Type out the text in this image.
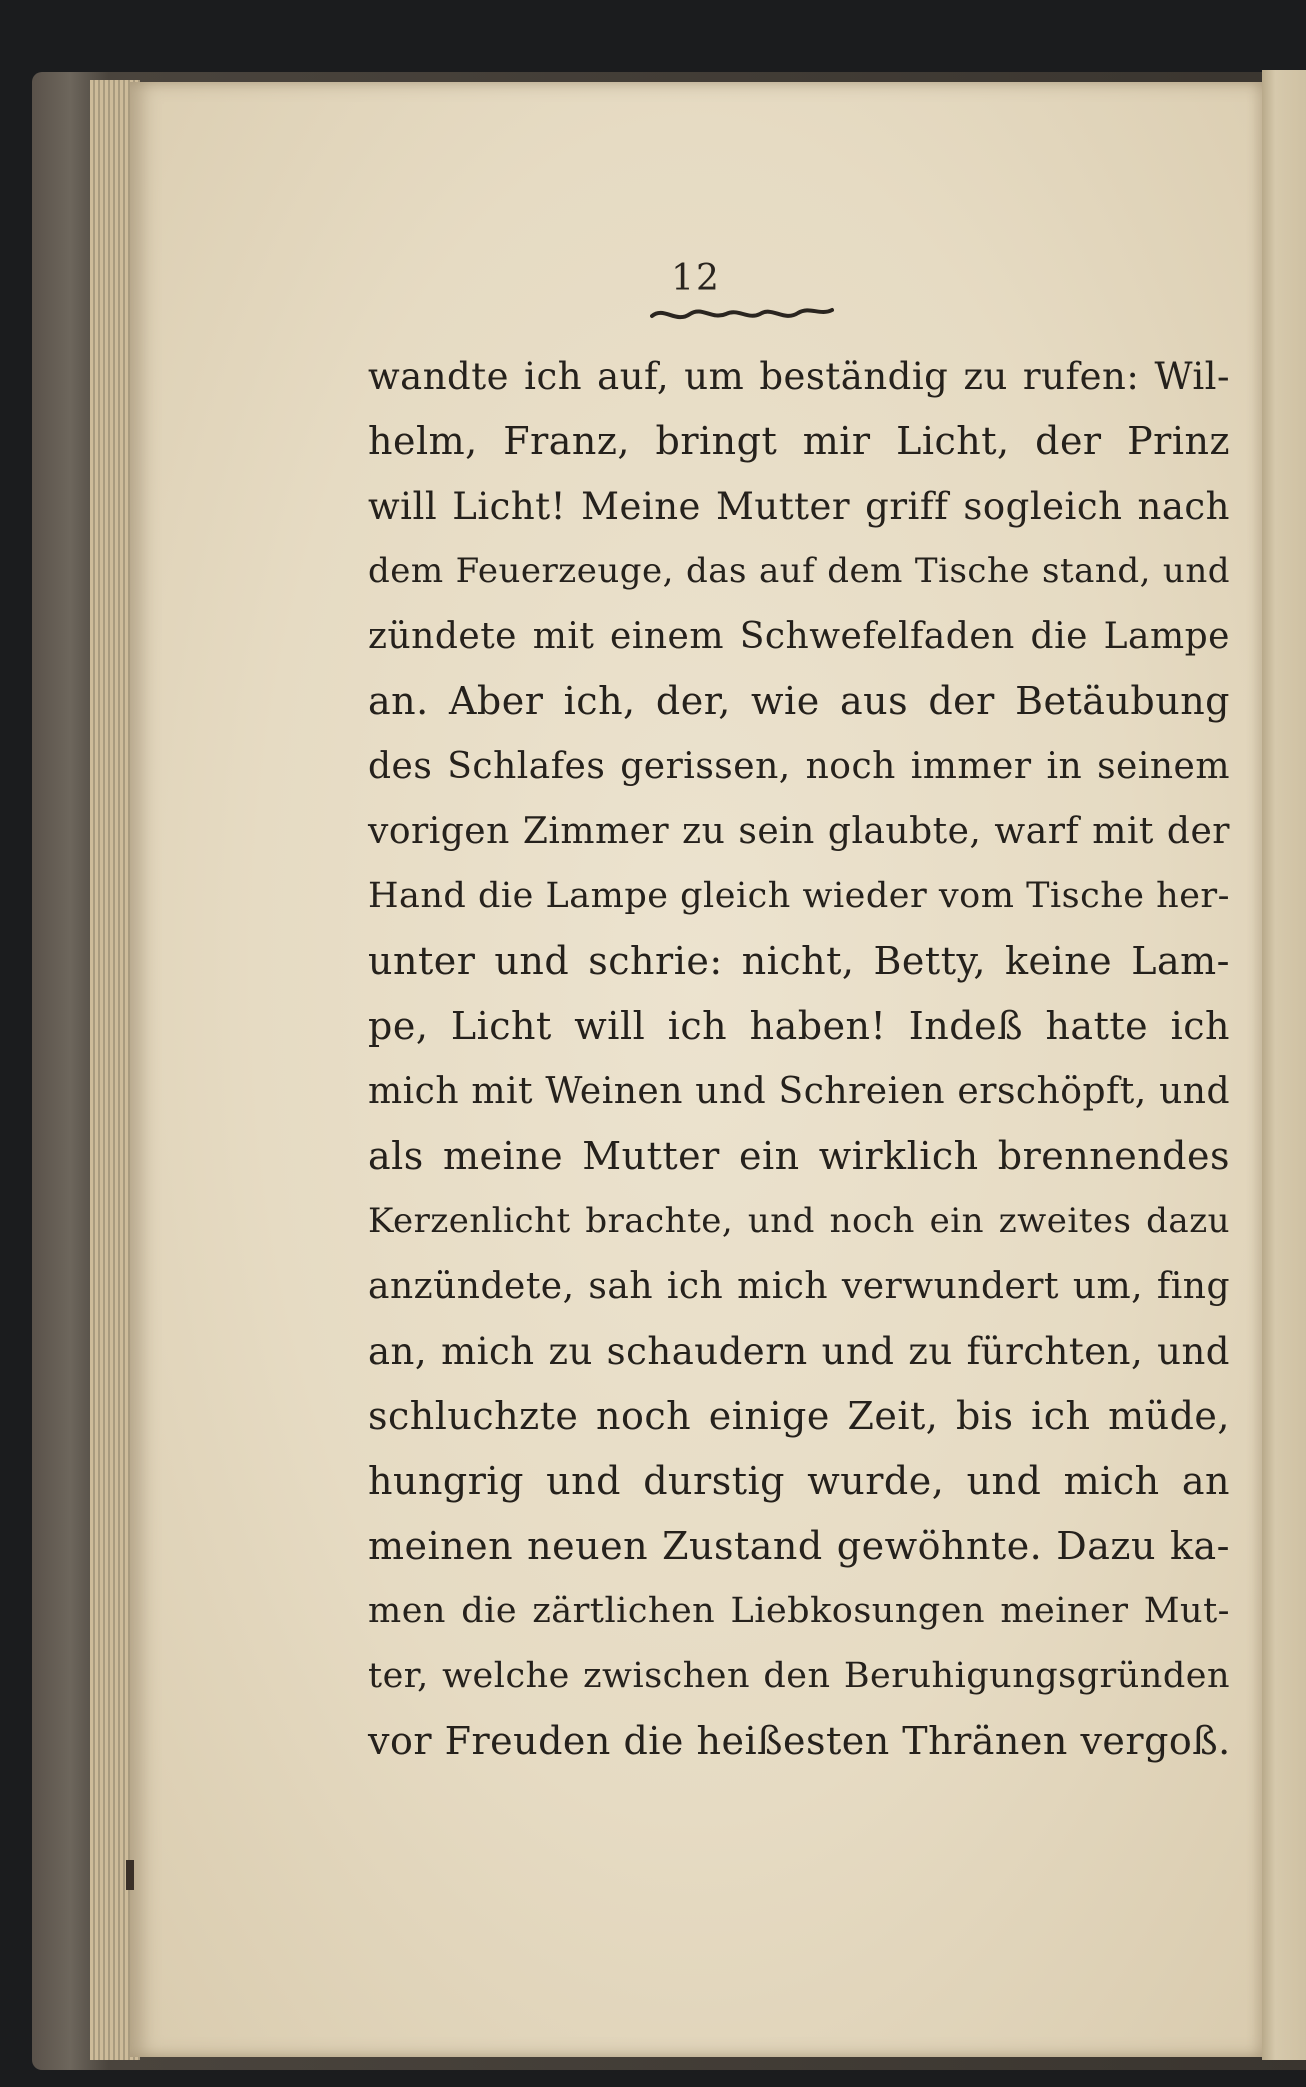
12
wandte ich auf, um beständig zu rufen: Wil-
helm, Franz, bringt mir Licht, der Prinz
will Licht! Meine Mutter griff sogleich nach
dem Feuerzeuge, das auf dem Tische stand, und
zündete mit einem Schwefelfaden die Lampe
an. Aber ich, der, wie aus der Betäubung
des Schlafes gerissen, noch immer in seinem
vorigen Zimmer zu sein glaubte, warf mit der
Hand die Lampe gleich wieder vom Tische her-
unter und schrie: nicht, Betty, keine Lam-
pe, Licht will ich haben! Indeß hatte ich
mich mit Weinen und Schreien erschöpft, und
als meine Mutter ein wirklich brennendes
Kerzenlicht brachte, und noch ein zweites dazu
anzündete, sah ich mich verwundert um, fing
an, mich zu schaudern und zu fürchten, und
schluchzte noch einige Zeit, bis ich müde,
hungrig und durstig wurde, und mich an
meinen neuen Zustand gewöhnte. Dazu ka-
men die zärtlichen Liebkosungen meiner Mut-
ter, welche zwischen den Beruhigungsgründen
vor Freuden die heißesten Thränen vergoß.
